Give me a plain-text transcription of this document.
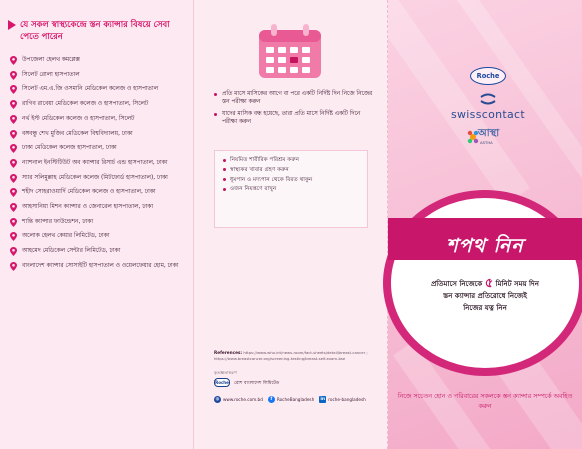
যে সকল স্বাস্থ্যকেন্দ্রে স্তন ক্যান্সার বিষয়ে সেবা পেতে পারেন
উপজেলা হেলথ কমপ্লেক্স
সিলেট রোলা হাসপাতাল
সিলেট এম.এ.জি ওসমানি মেডিকেল কলেজ ও হাসপাতাল
রাগিব রাবেয়া মেডিকেল কলেজ ও হাসপাতাল, সিলেট
নর্থ ইস্ট মেডিকেল কলেজ ও হাসপাতাল, সিলেট
বঙ্গবন্ধু শেখ মুজিব মেডিকেল বিশ্ববিদ্যালয়, ঢাকা
ঢাকা মেডিকেল কলেজ হাসপাতাল, ঢাকা
ন্যাশনাল ইনস্টিটিউট অব ক্যান্সার রিসার্চ এন্ড হাসপাতাল, ঢাকা
স্যার সলিমুল্লাহ মেডিকেল কলেজ (মিটফোর্ড হাসপাতাল), ঢাকা
শহীদ সোহরাওয়ার্দি মেডিকেল কলেজ ও হাসপাতাল, ঢাকা
আহসানিয়া মিশন ক্যান্সার ও জেনারেল হাসপাতাল, ঢাকা
শান্তি ক্যান্সার ফাউন্ডেশন, ঢাকা
অলোক হেলথ কেয়ার লিমিটেড, ঢাকা
আহমেদ মেডিকেল সেন্টার লিমিটেড, ঢাকা
বাংলাদেশ ক্যান্সার সোসাইটি হাসপাতাল ও ওয়েলফেয়ার হোম, ঢাকা
প্রতি মাসে মাসিকের আগে বা পরে একটি নির্দিষ্ট দিন নিজে নিজের স্তন পরীক্ষা করুন
যাদের মাসিক বন্ধ হয়েছে, তারা প্রতি মাসে নির্দিষ্ট একটি দিনে পরীক্ষা করুন
নিয়মিত শারীরিক পরিশ্রম করুন
স্বাস্থ্যকর খাবার গ্রহণ করুন
ধূমপান ও মদ্যপান থেকে বিরত থাকুন
ওজন নিয়ন্ত্রণে রাখুন
References: https://www.who.int/news-room/fact-sheets/detail/breast-cancer ; https://www.breastcancer.org/screening-testing/breast-self-exam-bse
কৃতজ্ঞতাস্বরূপ
Roche রোশ বাংলাদেশ লিমিটেড
◍ www.roche.com.bd	f	RocheBangladesh in roche-bangladesh
Roche
swisscontact
আস্থা
ASTHA
শপথ নিন
প্রতিমাসে নিজেকে ৫ মিনিট সময় দিন
স্তন ক্যান্সার প্রতিরোধে নিজেই
নিজের যত্ন নিন
নিজে সচেতন হোন ও পরিবারের সকলকে স্তন ক্যান্সার সম্পর্কে অবহিত করুন
